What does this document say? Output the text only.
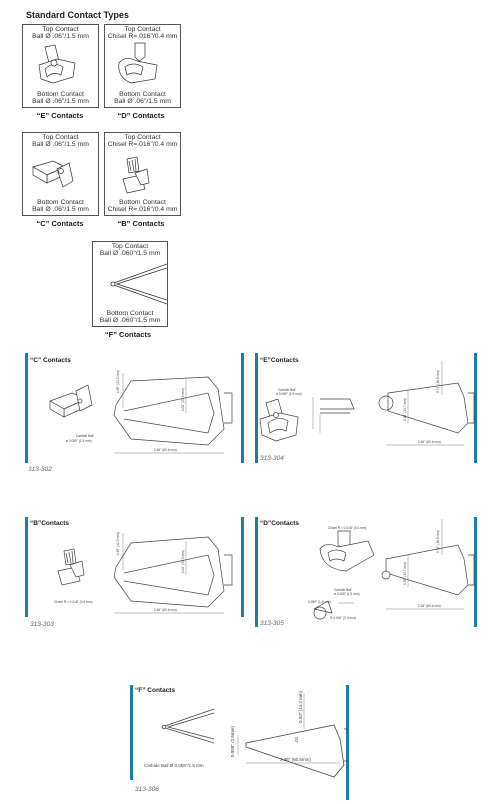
Standard Contact Types
Top Contact
Ball Ø .06"/1.5 mm
Bottom Contact
Ball Ø .06"/1.5 mm
“E” Contacts
Top Contact
Chisel R=.016"/0.4 mm
Bottom Contact
Ball Ø .06"/1.5 mm
“D” Contacts
Top Contact
Ball Ø .06"/1.5 mm
Bottom Contact
Ball Ø .06"/1.5 mm
“C” Contacts
Top Contact
Chisel R=.016"/0.4 mm
Bottom Contact
Chisel R=.016"/0.4 mm
“B” Contacts
Top Contact
Ball Ø .060"/1.5 mm
Bottom Contact
Ball Ø .060"/1.5 mm
“F” Contacts
“C” Contacts
313-302
Carbide Ball
ø 0.059" (1.5 mm)
1.65" (42.5 mm)
1.02" (25.9 mm)
2.36" (60.6 mm)
“E”Contacts
313-304
Carbide Ball
ø 0.059" (1.5 mm)
0.74" (18.8 mm)
0.58" (14.7 mm)
2.36" (60.6 mm)
“B”Contacts
313-303
Chisel R = 0.016" (0.4 mm)
1.65" (42.5 mm)
1.02" (25.9 mm)
2.36" (60.6 mm)
“D”Contacts
313-305
Chisel R = 0.016" (0.4 mm)
Carbide Ball
ø 0.059" (1.5 mm)
0.74" (18.8 mm)
0.58" (14.7 mm)
2.36" (60.6 mm)
0.059" (1.5 mm)
R 0.016" (0.4 mm)
“F” Contacts
313-306
Carbide Ball Ø 0.059"/1.5 mm
0.50" (14.3 mm)
0.098" (2.5mm)
2.36" (60.6mm)
.01
